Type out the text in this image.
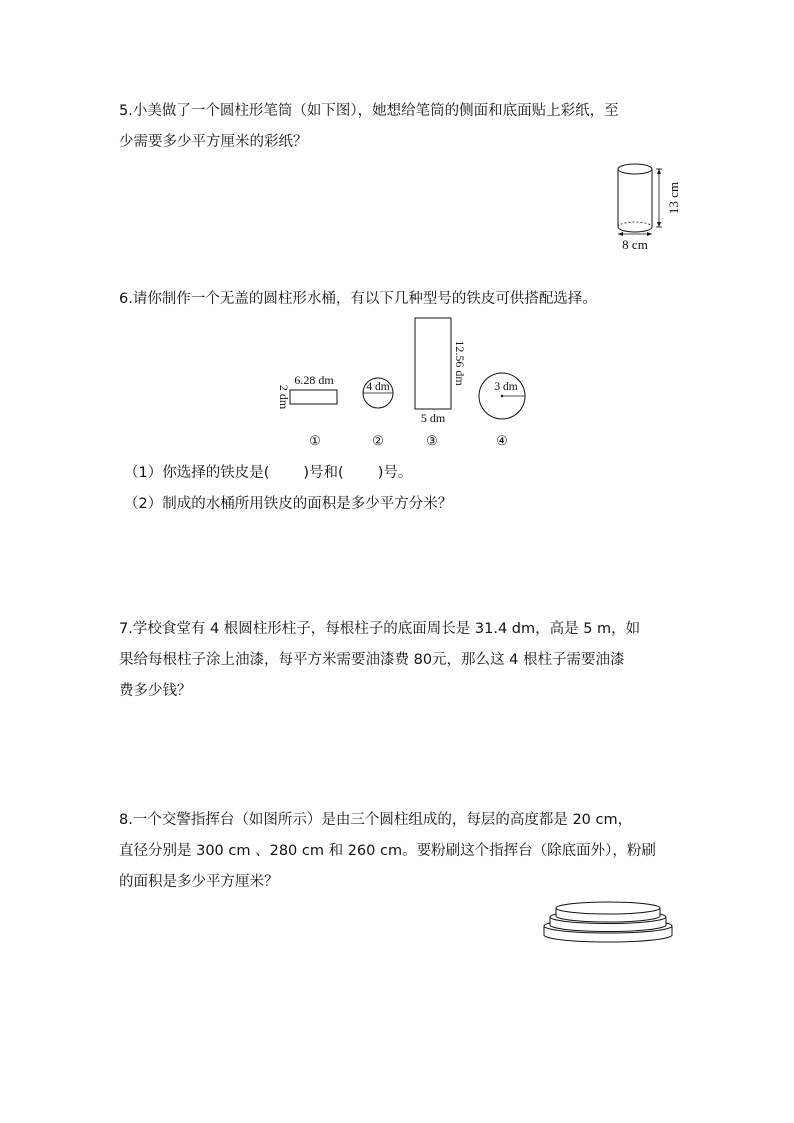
5.小美做了一个圆柱形笔筒（如下图），她想给笔筒的侧面和底面贴上彩纸，至

少需要多少平方厘米的彩纸？

13 cm
8 cm

6.请你制作一个无盖的圆柱形水桶，有以下几种型号的铁皮可供搭配选择。

6.28 dm
2 dm	4 dm
12.56 dm
5 dm
3 dm
①	②	③	④

（1）你选择的铁皮是( )号和( )号。

（2）制成的水桶所用铁皮的面积是多少平方分米？

7.学校食堂有 4 根圆柱形柱子，每根柱子的底面周长是 31.4 dm，高是 5 m，如

果给每根柱子涂上油漆，每平方米需要油漆费 80元，那么这 4 根柱子需要油漆

费多少钱？

8.一个交警指挥台（如图所示）是由三个圆柱组成的，每层的高度都是 20 cm，

直径分别是 300 cm 、280 cm 和 260 cm。要粉刷这个指挥台（除底面外），粉刷

的面积是多少平方厘米？
